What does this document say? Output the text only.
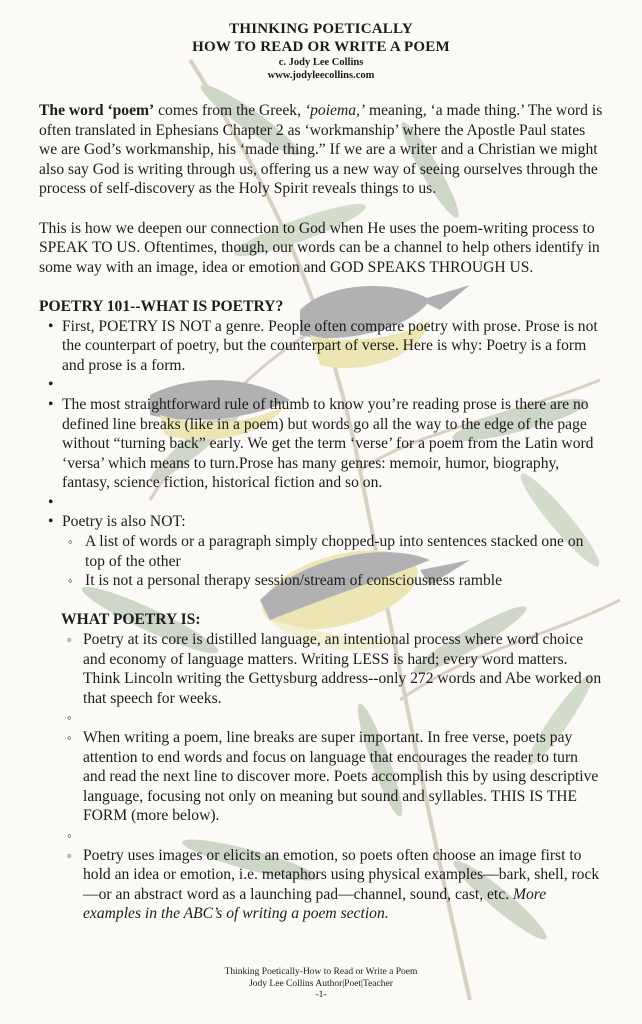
THINKING POETICALLY
HOW TO READ OR WRITE A POEM
c. Jody Lee Collins
www.jodyleecollins.com

The word ‘poem’ comes from the Greek, ‘poiema,’ meaning, ‘a made thing.’ The word is often translated in Ephesians Chapter 2 as ‘workmanship’ where the Apostle Paul states we are God’s workmanship, his ‘made thing.” If we are a writer and a Christian we might also say God is writing through us, offering us a new way of seeing ourselves through the process of self-discovery as the Holy Spirit reveals things to us.

This is how we deepen our connection to God when He uses the poem-writing process to SPEAK TO US. Oftentimes, though, our words can be a channel to help others identify in some way with an image, idea or emotion and GOD SPEAKS THROUGH US.

POETRY 101--WHAT IS POETRY?

• First, POETRY IS NOT a genre. People often compare poetry with prose. Prose is not the counterpart of poetry, but the counterpart of verse. Here is why: Poetry is a form and prose is a form.
•
• The most straightforward rule of thumb to know you’re reading prose is there are no defined line breaks (like in a poem) but words go all the way to the edge of the page without “turning back” early. We get the term ‘verse’ for a poem from the Latin word ‘versa’ which means to turn.Prose has many genres: memoir, humor, biography, fantasy, science fiction, historical fiction and so on.
•
• Poetry is also NOT:
◦ A list of words or a paragraph simply chopped-up into sentences stacked one on top of the other
◦ It is not a personal therapy session/stream of consciousness ramble

WHAT POETRY IS:

◦ Poetry at its core is distilled language, an intentional process where word choice and economy of language matters. Writing LESS is hard; every word matters. Think Lincoln writing the Gettysburg address--only 272 words and Abe worked on that speech for weeks.
◦
◦ When writing a poem, line breaks are super important. In free verse, poets pay attention to end words and focus on language that encourages the reader to turn and read the next line to discover more. Poets accomplish this by using descriptive language, focusing not only on meaning but sound and syllables. THIS IS THE FORM (more below).
◦
◦ Poetry uses images or elicits an emotion, so poets often choose an image first to hold an idea or emotion, i.e. metaphors using physical examples—bark, shell, rock—or an abstract word as a launching pad—channel, sound, cast, etc. More examples in the ABC’s of writing a poem section.
Thinking Poetically-How to Read or Write a Poem
Jody Lee Collins Author|Poet|Teacher
-1-
